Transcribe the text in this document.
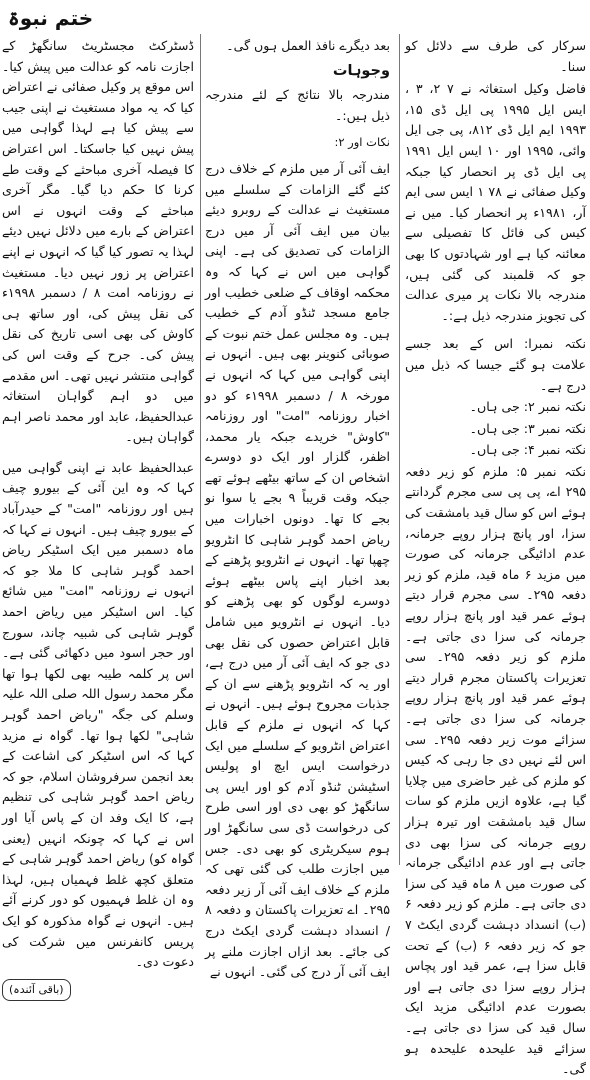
ختم نبوۃ

سرکار کی طرف سے دلائل کو سنا۔

فاضل وکیل استغاثہ نے ۷ ۲، ۳ ، ایس ایل ۱۹۹۵ پی ایل ڈی ۱۵، ۱۹۹۳ ایم ایل ڈی ۸۱۲، پی جی ایل وائی، ۱۹۹۵ اور ۱۰ ایس ایل ۱۹۹۱ پی ایل ڈی پر انحصار کیا جبکہ وکیل صفائی نے ۷۸ ۱ ایس سی ایم آر، ۱۹۸۱ء پر انحصار کیا۔ میں نے کیس کی فائل کا تفصیلی سے معائنہ کیا ہے اور شہادتوں کا بھی جو کہ قلمبند کی گئی ہیں، مندرجہ بالا نکات پر میری عدالت کی تجویز مندرجہ ذیل ہے:۔

نکتہ نمبرا: اس کے بعد جسے علامت ہو گئے جیسا کہ ذیل میں درج ہے۔

نکتہ نمبر ۲: جی ہاں۔

نکتہ نمبر ۳: جی ہاں۔

نکتہ نمبر ۴: جی ہاں۔

نکتہ نمبر ۵: ملزم کو زیر دفعہ ۲۹۵ اے، پی پی سی مجرم گردانتے ہوئے اس کو سال قید بامشقت کی سزا، اور پانچ ہزار روپے جرمانہ، عدم ادائیگی جرمانہ کی صورت میں مزید ۶ ماہ قید، ملزم کو زیر دفعہ ۲۹۵۔ سی مجرم قرار دیتے ہوئے عمر قید اور پانچ ہزار روپے جرمانہ کی سزا دی جاتی ہے۔ ملزم کو زیر دفعہ ۲۹۵۔ سی تعزیرات پاکستان مجرم قرار دیتے ہوئے عمر قید اور پانچ ہزار روپے جرمانہ کی سزا دی جاتی ہے۔ سزائے موت زیر دفعہ ۲۹۵۔ سی اس لئے نہیں دی جا رہی کہ کیس کو ملزم کی غیر حاضری میں چلایا گیا ہے، علاوہ ازیں ملزم کو سات سال قید بامشقت اور تیرہ ہزار روپے جرمانہ کی سزا بھی دی جاتی ہے اور عدم ادائیگی جرمانہ کی صورت میں ۸ ماہ قید کی سزا دی جاتی ہے۔ ملزم کو زیر دفعہ ۶ (ب) انسداد دہشت گردی ایکٹ ۷ جو کہ زیر دفعہ ۶ (ب) کے تحت قابل سزا ہے، عمر قید اور پچاس ہزار روپے سزا دی جاتی ہے اور بصورت عدم ادائیگی مزید ایک سال قید کی سزا دی جاتی ہے۔ سزائے قید علیحدہ علیحدہ ہو گی۔

بعد دیگرے نافذ العمل ہوں گی۔

وجوہات

مندرجہ بالا نتائج کے لئے مندرجہ ذیل ہیں:۔

نکات اور ۲:

ایف آئی آر میں ملزم کے خلاف درج کئے گئے الزامات کے سلسلے میں مستغیث نے عدالت کے روبرو دیئے بیان میں ایف آئی آر میں درج الزامات کی تصدیق کی ہے۔ اپنی گواہی میں اس نے کہا کہ وہ محکمہ اوقاف کے ضلعی خطیب اور جامع مسجد ٹنڈو آدم کے خطیب ہیں۔ وہ مجلس عمل ختم نبوت کے صوبائی کنوینر بھی ہیں۔ انہوں نے اپنی گواہی میں کہا کہ انہوں نے مورخہ ۸ / دسمبر ۱۹۹۸ء کو دو اخبار روزنامہ "امت" اور روزنامہ "کاوش" خریدے جبکہ یار محمد، اظفر، گلزار اور ایک دو دوسرے اشخاص ان کے ساتھ بیٹھے ہوئے تھے جبکہ وقت قریباً ۹ بجے یا سوا نو بجے کا تھا۔ دونوں اخبارات میں ریاض احمد گوہر شاہی کا انٹرویو چھپا تھا۔ انہوں نے انٹرویو پڑھنے کے بعد اخبار اپنے پاس بیٹھے ہوئے دوسرے لوگوں کو بھی پڑھنے کو دیا۔ انہوں نے انٹرویو میں شامل قابل اعتراض حصوں کی نقل بھی دی جو کہ ایف آئی آر میں درج ہے، اور یہ کہ انٹرویو پڑھنے سے ان کے جذبات مجروح ہوئے ہیں۔ انہوں نے کہا کہ انہوں نے ملزم کے قابل اعتراض انٹرویو کے سلسلے میں ایک درخواست ایس ایچ او پولیس اسٹیشن ٹنڈو آدم کو اور ایس پی سانگھڑ کو بھی دی اور اسی طرح کی درخواست ڈی سی سانگھڑ اور ہوم سیکریٹری کو بھی دی۔ جس میں اجازت طلب کی گئی تھی کہ ملزم کے خلاف ایف آئی آر زیر دفعہ ۲۹۵۔ اے تعزیرات پاکستان و دفعہ ۸ / انسداد دہشت گردی ایکٹ درج کی جائے۔ بعد ازاں اجازت ملنے پر ایف آئی آر درج کی گئی۔ انہوں نے

ڈسٹرکٹ مجسٹریٹ سانگھڑ کے اجازت نامہ کو عدالت میں پیش کیا۔ اس موقع پر وکیل صفائی نے اعتراض کیا کہ یہ مواد مستغیث نے اپنی جیب سے پیش کیا ہے لہذا گواہی میں پیش نہیں کیا جاسکتا۔ اس اعتراض کا فیصلہ آخری مباحثے کے وقت طے کرنا کا حکم دیا گیا۔ مگر آخری مباحثے کے وقت انہوں نے اس اعتراض کے بارے میں دلائل نہیں دیئے لہذا یہ تصور کیا گیا کہ انہوں نے اپنے اعتراض پر زور نہیں دیا۔ مستغیث نے روزنامہ امت ۸ / دسمبر ۱۹۹۸ء کی نقل پیش کی، اور ساتھ ہی کاوش کی بھی اسی تاریخ کی نقل پیش کی۔ جرح کے وقت اس کی گواہی منتشر نہیں تھی۔ اس مقدمے میں دو اہم گواہان استغاثہ عبدالحفیظ، عابد اور محمد ناصر اہم گواہان ہیں۔

عبدالحفیظ عابد نے اپنی گواہی میں کہا کہ وہ این آئی کے بیورو چیف ہیں اور روزنامہ "امت" کے حیدرآباد کے بیورو چیف ہیں۔ انہوں نے کہا کہ ماہ دسمبر میں ایک اسٹیکر ریاض احمد گوہر شاہی کا ملا جو کہ انہوں نے روزنامہ "امت" میں شائع کیا۔ اس اسٹیکر میں ریاض احمد گوہر شاہی کی شبیہ چاند، سورج اور حجر اسود میں دکھائی گئی ہے۔ اس پر کلمہ طیبہ بھی لکھا ہوا تھا مگر محمد رسول اللہ صلی اللہ علیہ وسلم کی جگہ "ریاض احمد گوہر شاہی" لکھا ہوا تھا۔ گواہ نے مزید کہا کہ اس اسٹیکر کی اشاعت کے بعد انجمن سرفروشان اسلام، جو کہ ریاض احمد گوہر شاہی کی تنظیم ہے، کا ایک وفد ان کے پاس آیا اور اس نے کہا کہ چونکہ انہیں (یعنی گواہ کو) ریاض احمد گوہر شاہی کے متعلق کچھ غلط فہمیاں ہیں، لہذا وہ ان غلط فہمیوں کو دور کرنے آئے ہیں۔ انہوں نے گواہ مذکورہ کو ایک پریس کانفرنس میں شرکت کی دعوت دی۔

(باقی آئندہ)
